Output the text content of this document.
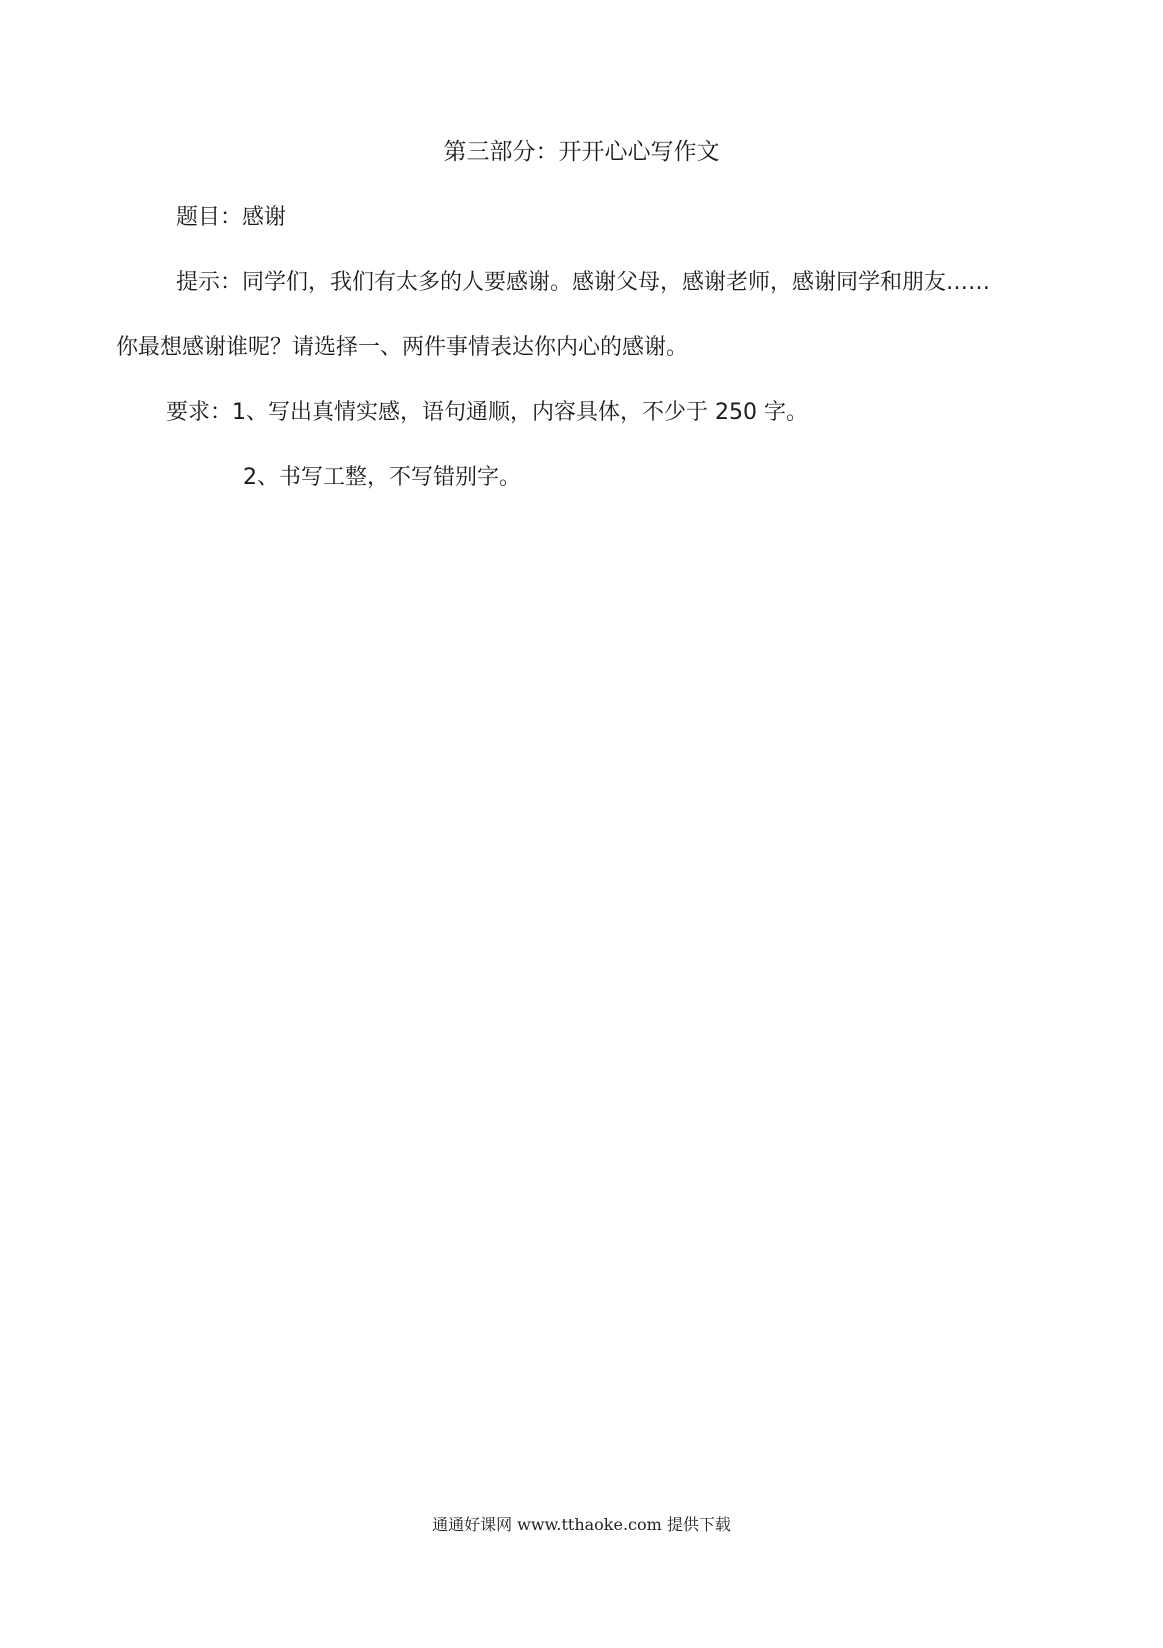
第三部分：开开心心写作文
题目：感谢
提示：同学们，我们有太多的人要感谢。感谢父母，感谢老师，感谢同学和朋友……
你最想感谢谁呢？请选择一、两件事情表达你内心的感谢。
要求：1、写出真情实感，语句通顺，内容具体，不少于 250 字。
2、书写工整，不写错别字。
通通好课网 www.tthaoke.com 提供下载
